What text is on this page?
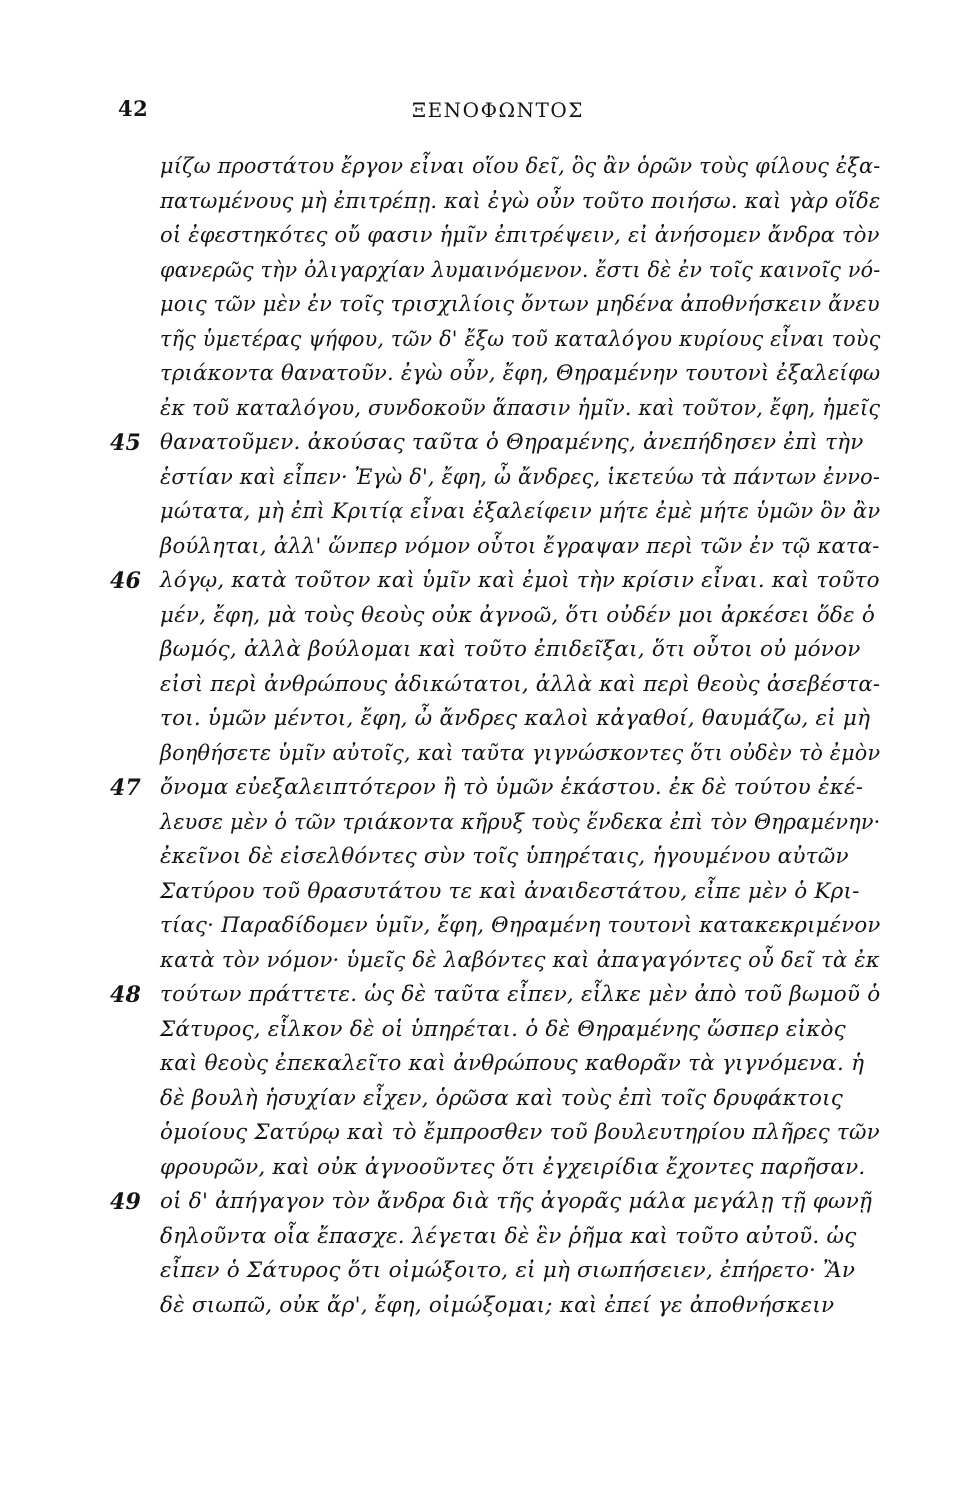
42	ΞΕΝΟΦΩΝΤΟΣ
μίζω προστάτου ἔργον εἶναι οἵου δεῖ, ὃς ἂν ὁρῶν τοὺς φίλους ἐξα-
πατωμένους μὴ ἐπιτρέπῃ. καὶ ἐγὼ οὖν τοῦτο ποιήσω. καὶ γὰρ οἵδε
οἱ ἐφεστηκότες οὔ φασιν ἡμῖν ἐπιτρέψειν, εἰ ἀνήσομεν ἄνδρα τὸν
φανερῶς τὴν ὀλιγαρχίαν λυμαινόμενον. ἔστι δὲ ἐν τοῖς καινοῖς νό-
μοις τῶν μὲν ἐν τοῖς τρισχιλίοις ὄντων μηδένα ἀποθνήσκειν ἄνευ
τῆς ὑμετέρας ψήφου, τῶν δ' ἔξω τοῦ καταλόγου κυρίους εἶναι τοὺς
τριάκοντα θανατοῦν. ἐγὼ οὖν, ἔφη, Θηραμένην τουτονὶ ἐξαλείφω
ἐκ τοῦ καταλόγου, συνδοκοῦν ἅπασιν ἡμῖν. καὶ τοῦτον, ἔφη, ἡμεῖς
45 θανατοῦμεν. ἀκούσας ταῦτα ὁ Θηραμένης, ἀνεπήδησεν ἐπὶ τὴν
ἑστίαν καὶ εἶπεν· Ἐγὼ δ', ἔφη, ὦ ἄνδρες, ἱκετεύω τὰ πάντων ἐννο-
μώτατα, μὴ ἐπὶ Κριτίᾳ εἶναι ἐξαλείφειν μήτε ἐμὲ μήτε ὑμῶν ὃν ἂν
βούληται, ἀλλ' ὥνπερ νόμον οὗτοι ἔγραψαν περὶ τῶν ἐν τῷ κατα-
46 λόγῳ, κατὰ τοῦτον καὶ ὑμῖν καὶ ἐμοὶ τὴν κρίσιν εἶναι. καὶ τοῦτο
μέν, ἔφη, μὰ τοὺς θεοὺς οὐκ ἀγνοῶ, ὅτι οὐδέν μοι ἀρκέσει ὅδε ὁ
βωμός, ἀλλὰ βούλομαι καὶ τοῦτο ἐπιδεῖξαι, ὅτι οὗτοι οὐ μόνον
εἰσὶ περὶ ἀνθρώπους ἀδικώτατοι, ἀλλὰ καὶ περὶ θεοὺς ἀσεβέστα-
τοι. ὑμῶν μέντοι, ἔφη, ὦ ἄνδρες καλοὶ κἀγαθοί, θαυμάζω, εἰ μὴ
βοηθήσετε ὑμῖν αὐτοῖς, καὶ ταῦτα γιγνώσκοντες ὅτι οὐδὲν τὸ ἐμὸν
47 ὄνομα εὐεξαλειπτότερον ἢ τὸ ὑμῶν ἑκάστου. ἐκ δὲ τούτου ἐκέ-
λευσε μὲν ὁ τῶν τριάκοντα κῆρυξ τοὺς ἕνδεκα ἐπὶ τὸν Θηραμένην·
ἐκεῖνοι δὲ εἰσελθόντες σὺν τοῖς ὑπηρέταις, ἡγουμένου αὐτῶν
Σατύρου τοῦ θρασυτάτου τε καὶ ἀναιδεστάτου, εἶπε μὲν ὁ Κρι-
τίας· Παραδίδομεν ὑμῖν, ἔφη, Θηραμένη τουτονὶ κατακεκριμένον
κατὰ τὸν νόμον· ὑμεῖς δὲ λαβόντες καὶ ἀπαγαγόντες οὗ δεῖ τὰ ἐκ
48 τούτων πράττετε. ὡς δὲ ταῦτα εἶπεν, εἷλκε μὲν ἀπὸ τοῦ βωμοῦ ὁ
Σάτυρος, εἷλκον δὲ οἱ ὑπηρέται. ὁ δὲ Θηραμένης ὥσπερ εἰκὸς
καὶ θεοὺς ἐπεκαλεῖτο καὶ ἀνθρώπους καθορᾶν τὰ γιγνόμενα. ἡ
δὲ βουλὴ ἡσυχίαν εἶχεν, ὁρῶσα καὶ τοὺς ἐπὶ τοῖς δρυφάκτοις
ὁμοίους Σατύρῳ καὶ τὸ ἔμπροσθεν τοῦ βουλευτηρίου πλῆρες τῶν
φρουρῶν, καὶ οὐκ ἀγνοοῦντες ὅτι ἐγχειρίδια ἔχοντες παρῆσαν.
49 οἱ δ' ἀπήγαγον τὸν ἄνδρα διὰ τῆς ἀγορᾶς μάλα μεγάλῃ τῇ φωνῇ
δηλοῦντα οἷα ἔπασχε. λέγεται δὲ ἓν ῥῆμα καὶ τοῦτο αὐτοῦ. ὡς
εἶπεν ὁ Σάτυρος ὅτι οἰμώξοιτο, εἰ μὴ σιωπήσειεν, ἐπήρετο· Ἂν
δὲ σιωπῶ, οὐκ ἄρ', ἔφη, οἰμώξομαι; καὶ ἐπεί γε ἀποθνήσκειν
